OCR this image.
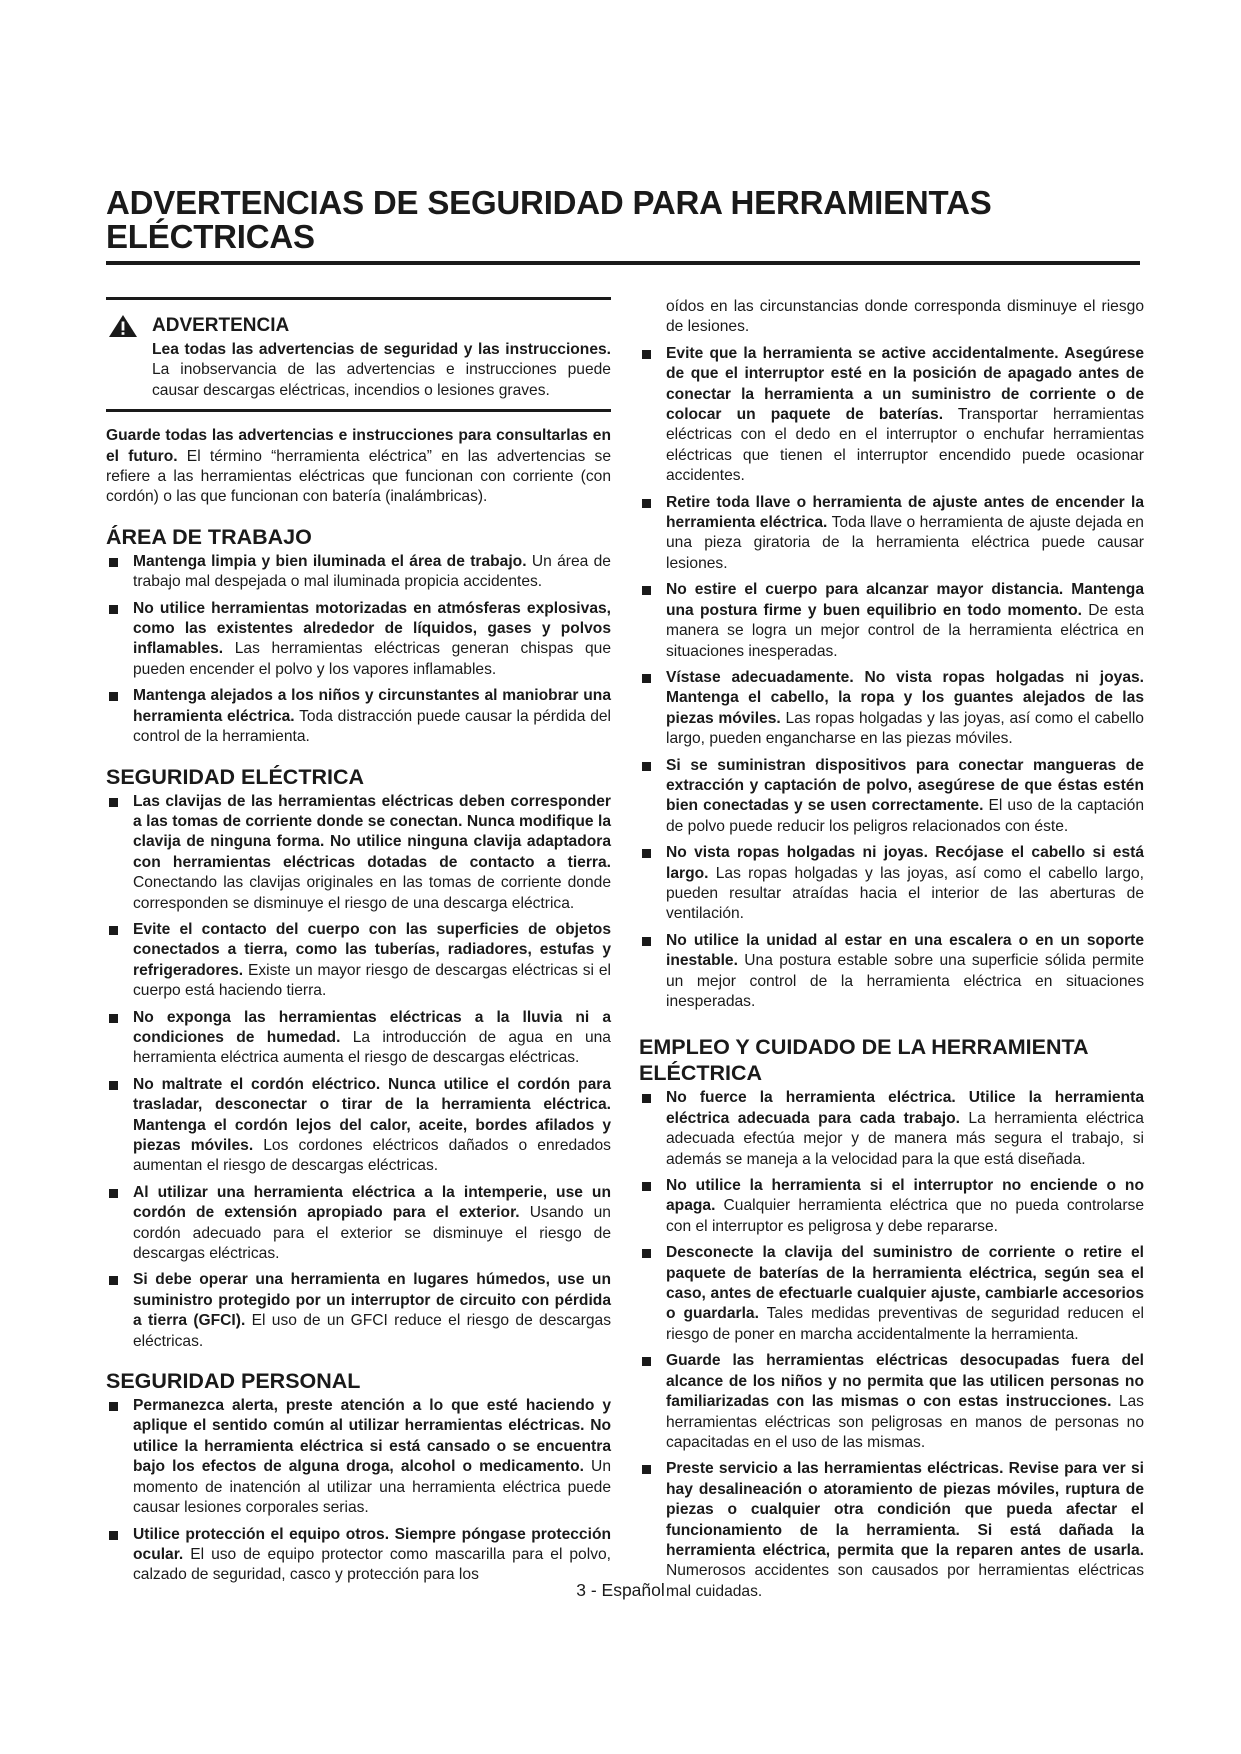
ADVERTENCIAS DE SEGURIDAD PARA HERRAMIENTAS ELÉCTRICAS
ADVERTENCIA

Lea todas las advertencias de seguridad y las instrucciones. La inobservancia de las advertencias e instrucciones puede causar descargas eléctricas, incendios o lesiones graves.

Guarde todas las advertencias e instrucciones para consultarlas en el futuro. El término “herramienta eléctrica” en las advertencias se refiere a las herramientas eléctricas que funcionan con corriente (con cordón) o las que funcionan con batería (inalámbricas).

ÁREA DE TRABAJO
Mantenga limpia y bien iluminada el área de trabajo. Un área de trabajo mal despejada o mal iluminada propicia accidentes.
No utilice herramientas motorizadas en atmósferas explosivas, como las existentes alrededor de líquidos, gases y polvos inflamables. Las herramientas eléctricas generan chispas que pueden encender el polvo y los vapores inflamables.
Mantenga alejados a los niños y circunstantes al maniobrar una herramienta eléctrica. Toda distracción puede causar la pérdida del control de la herramienta.
SEGURIDAD ELÉCTRICA
Las clavijas de las herramientas eléctricas deben corresponder a las tomas de corriente donde se conectan. Nunca modifique la clavija de ninguna forma. No utilice ninguna clavija adaptadora con herramientas eléctricas dotadas de contacto a tierra. Conectando las clavijas originales en las tomas de corriente donde corresponden se disminuye el riesgo de una descarga eléctrica.
Evite el contacto del cuerpo con las superficies de objetos conectados a tierra, como las tuberías, radiadores, estufas y refrigeradores. Existe un mayor riesgo de descargas eléctricas si el cuerpo está haciendo tierra.
No exponga las herramientas eléctricas a la lluvia ni a condiciones de humedad. La introducción de agua en una herramienta eléctrica aumenta el riesgo de descargas eléctricas.
No maltrate el cordón eléctrico. Nunca utilice el cordón para trasladar, desconectar o tirar de la herramienta eléctrica. Mantenga el cordón lejos del calor, aceite, bordes afilados y piezas móviles. Los cordones eléctricos dañados o enredados aumentan el riesgo de descargas eléctricas.
Al utilizar una herramienta eléctrica a la intemperie, use un cordón de extensión apropiado para el exterior. Usando un cordón adecuado para el exterior se disminuye el riesgo de descargas eléctricas.
Si debe operar una herramienta en lugares húmedos, use un suministro protegido por un interruptor de circuito con pérdida a tierra (GFCI). El uso de un GFCI reduce el riesgo de descargas eléctricas.
SEGURIDAD PERSONAL
Permanezca alerta, preste atención a lo que esté haciendo y aplique el sentido común al utilizar herramientas eléctricas. No utilice la herramienta eléctrica si está cansado o se encuentra bajo los efectos de alguna droga, alcohol o medicamento. Un momento de inatención al utilizar una herramienta eléctrica puede causar lesiones corporales serias.
Utilice protección el equipo otros. Siempre póngase protección ocular. El uso de equipo protector como mascarilla para el polvo, calzado de seguridad, casco y protección para los
oídos en las circunstancias donde corresponda disminuye el riesgo de lesiones.
Evite que la herramienta se active accidentalmente. Asegúrese de que el interruptor esté en la posición de apagado antes de conectar la herramienta a un suministro de corriente o de colocar un paquete de baterías. Transportar herramientas eléctricas con el dedo en el interruptor o enchufar herramientas eléctricas que tienen el interruptor encendido puede ocasionar accidentes.
Retire toda llave o herramienta de ajuste antes de encender la herramienta eléctrica. Toda llave o herramienta de ajuste dejada en una pieza giratoria de la herramienta eléctrica puede causar lesiones.
No estire el cuerpo para alcanzar mayor distancia. Mantenga una postura firme y buen equilibrio en todo momento. De esta manera se logra un mejor control de la herramienta eléctrica en situaciones inesperadas.
Vístase adecuadamente. No vista ropas holgadas ni joyas. Mantenga el cabello, la ropa y los guantes alejados de las piezas móviles. Las ropas holgadas y las joyas, así como el cabello largo, pueden engancharse en las piezas móviles.
Si se suministran dispositivos para conectar mangueras de extracción y captación de polvo, asegúrese de que éstas estén bien conectadas y se usen correctamente. El uso de la captación de polvo puede reducir los peligros relacionados con éste.
No vista ropas holgadas ni joyas. Recójase el cabello si está largo. Las ropas holgadas y las joyas, así como el cabello largo, pueden resultar atraídas hacia el interior de las aberturas de ventilación.
No utilice la unidad al estar en una escalera o en un soporte inestable. Una postura estable sobre una superficie sólida permite un mejor control de la herramienta eléctrica en situaciones inesperadas.
EMPLEO Y CUIDADO DE LA HERRAMIENTA ELÉCTRICA
No fuerce la herramienta eléctrica. Utilice la herramienta eléctrica adecuada para cada trabajo. La herramienta eléctrica adecuada efectúa mejor y de manera más segura el trabajo, si además se maneja a la velocidad para la que está diseñada.
No utilice la herramienta si el interruptor no enciende o no apaga. Cualquier herramienta eléctrica que no pueda controlarse con el interruptor es peligrosa y debe repararse.
Desconecte la clavija del suministro de corriente o retire el paquete de baterías de la herramienta eléctrica, según sea el caso, antes de efectuarle cualquier ajuste, cambiarle accesorios o guardarla. Tales medidas preventivas de seguridad reducen el riesgo de poner en marcha accidentalmente la herramienta.
Guarde las herramientas eléctricas desocupadas fuera del alcance de los niños y no permita que las utilicen personas no familiarizadas con las mismas o con estas instrucciones. Las herramientas eléctricas son peligrosas en manos de personas no capacitadas en el uso de las mismas.
Preste servicio a las herramientas eléctricas. Revise para ver si hay desalineación o atoramiento de piezas móviles, ruptura de piezas o cualquier otra condición que pueda afectar el funcionamiento de la herramienta. Si está dañada la herramienta eléctrica, permita que la reparen antes de usarla. Numerosos accidentes son causados por herramientas eléctricas mal cuidadas.
3 - Español
